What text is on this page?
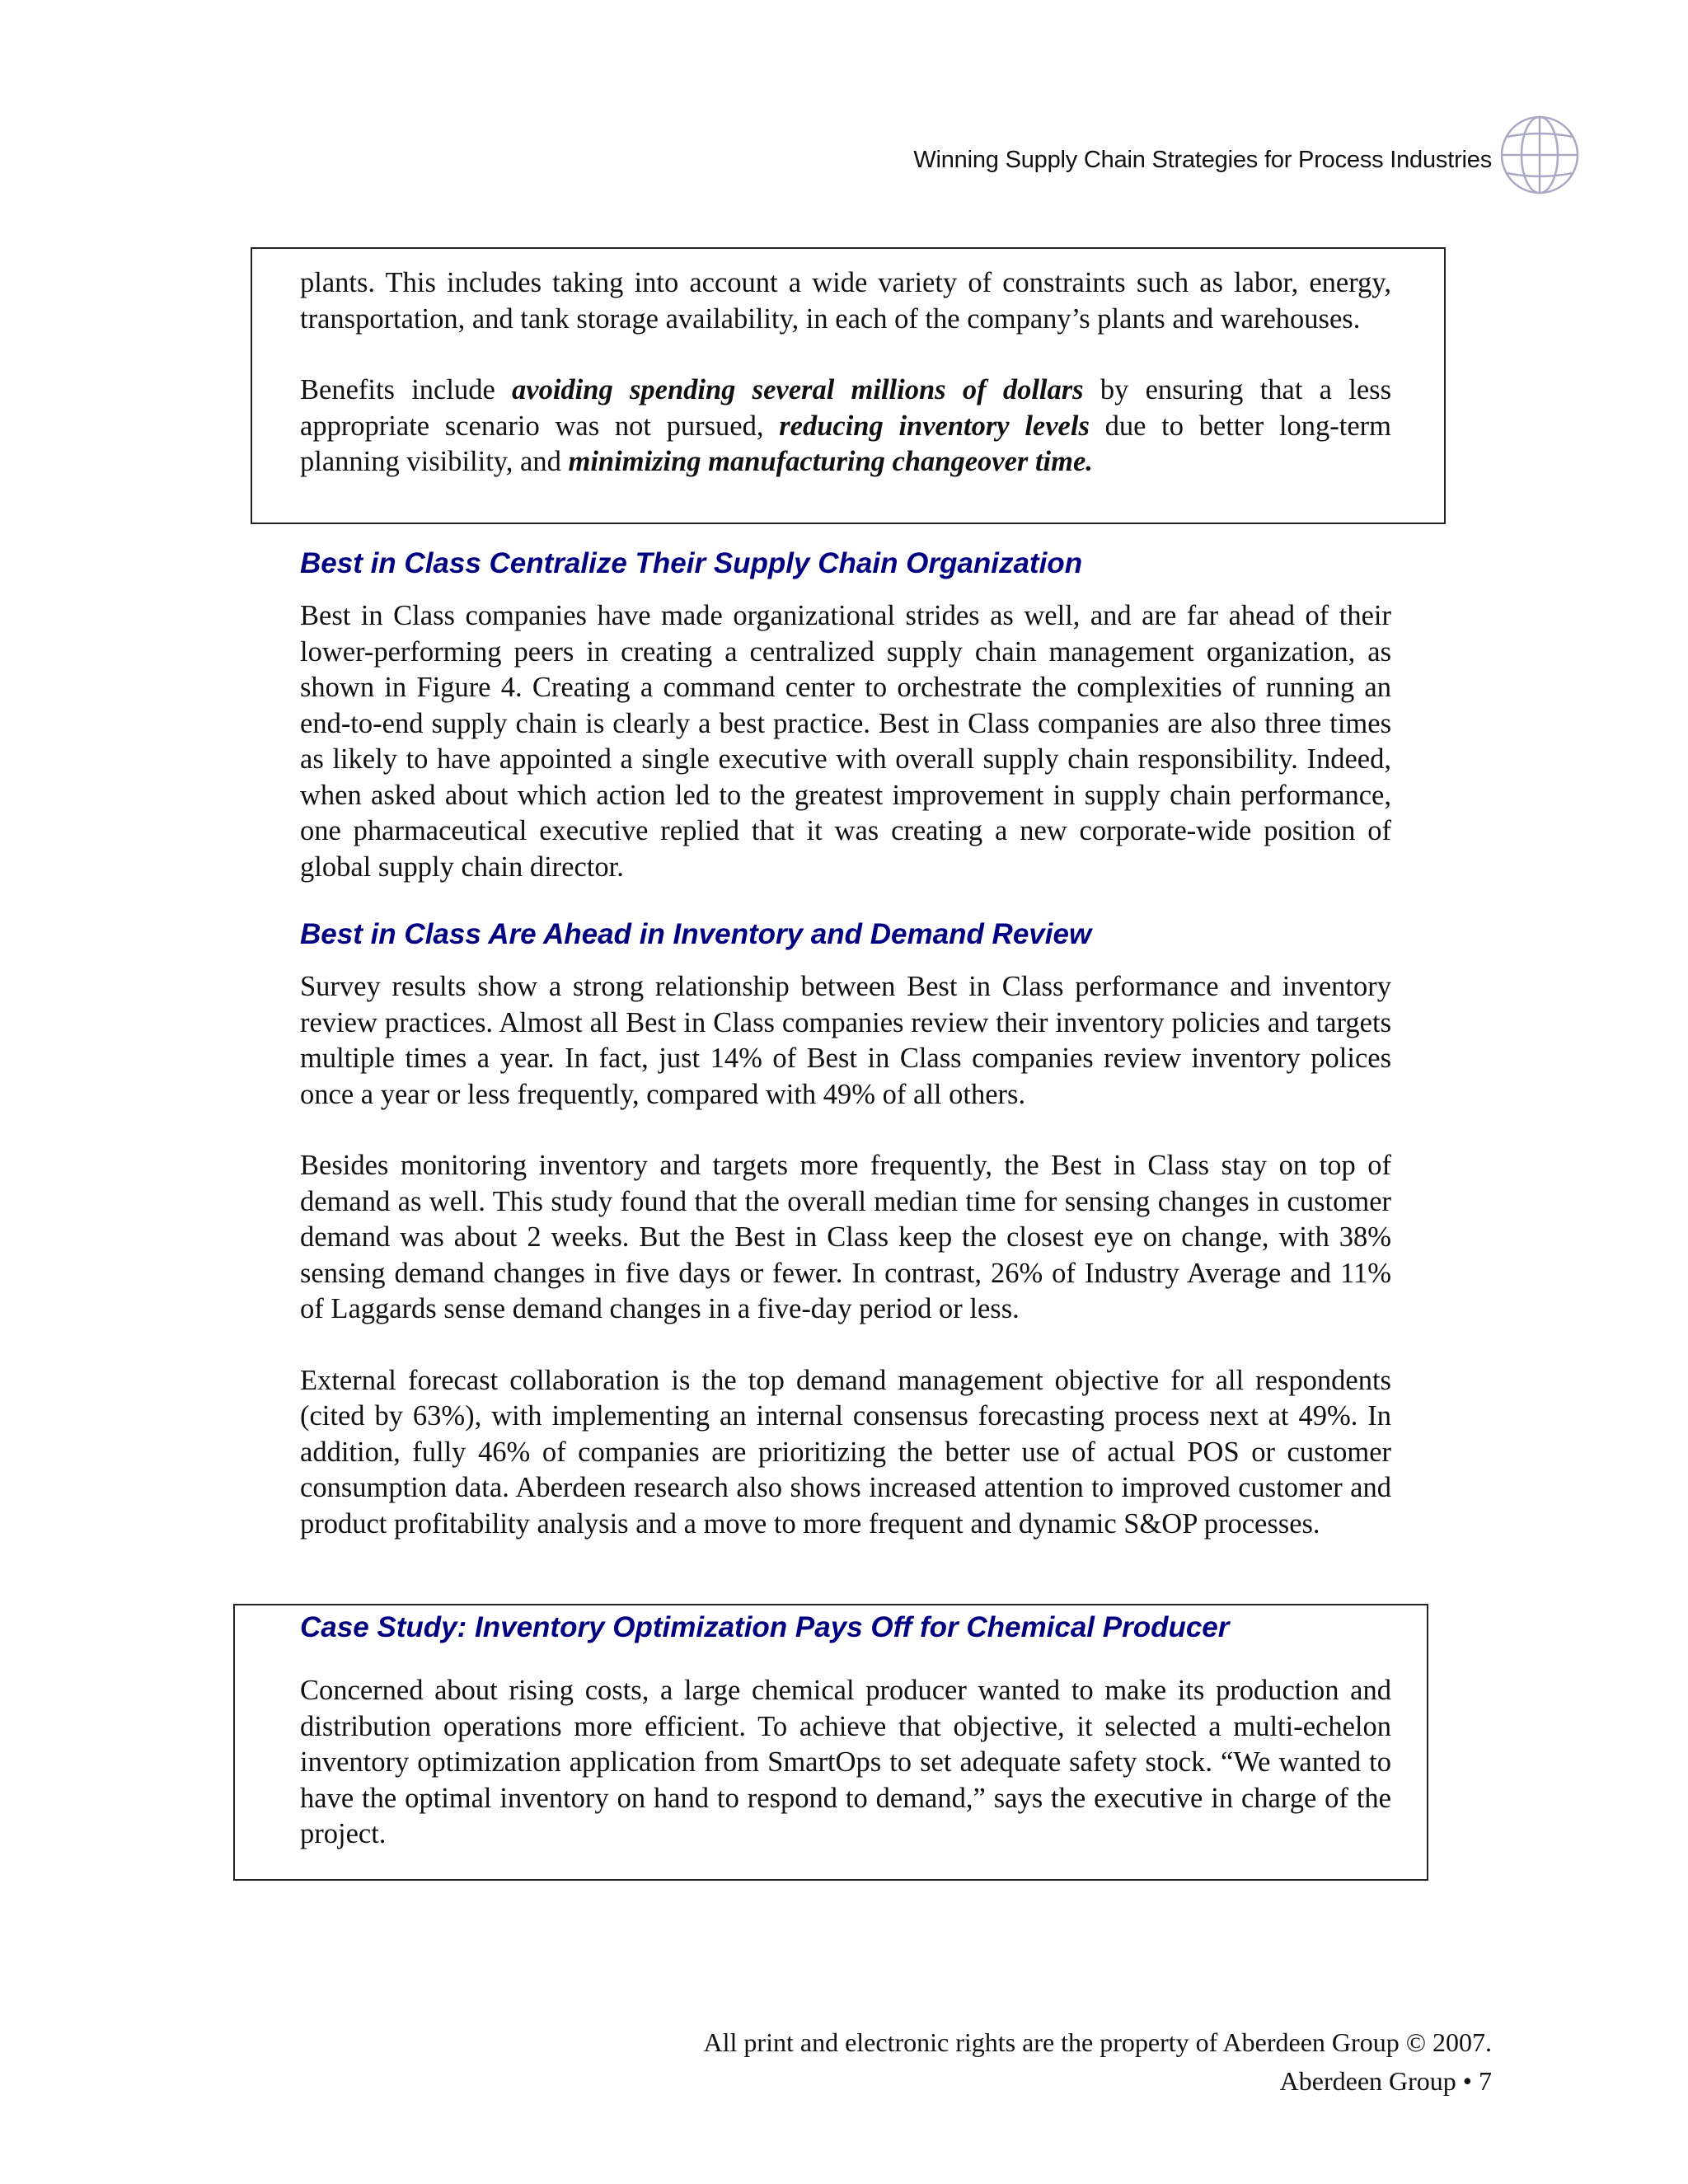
Winning Supply Chain Strategies for Process Industries

plants. This includes taking into account a wide variety of constraints such as labor, energy, transportation, and tank storage availability, in each of the company’s plants and warehouses.

Benefits include avoiding spending several millions of dollars by ensuring that a less appropriate scenario was not pursued, reducing inventory levels due to better long-term planning visibility, and minimizing manufacturing changeover time.

Best in Class Centralize Their Supply Chain Organization

Best in Class companies have made organizational strides as well, and are far ahead of their lower-performing peers in creating a centralized supply chain management organization, as shown in Figure 4. Creating a command center to orchestrate the complexities of running an end-to-end supply chain is clearly a best practice. Best in Class companies are also three times as likely to have appointed a single executive with overall supply chain responsibility. Indeed, when asked about which action led to the greatest improvement in supply chain performance, one pharmaceutical executive replied that it was creating a new corporate-wide position of global supply chain director.

Best in Class Are Ahead in Inventory and Demand Review

Survey results show a strong relationship between Best in Class performance and inventory review practices. Almost all Best in Class companies review their inventory policies and targets multiple times a year. In fact, just 14% of Best in Class companies review inventory polices once a year or less frequently, compared with 49% of all others.

Besides monitoring inventory and targets more frequently, the Best in Class stay on top of demand as well. This study found that the overall median time for sensing changes in customer demand was about 2 weeks. But the Best in Class keep the closest eye on change, with 38% sensing demand changes in five days or fewer. In contrast, 26% of Industry Average and 11% of Laggards sense demand changes in a five-day period or less.

External forecast collaboration is the top demand management objective for all respondents (cited by 63%), with implementing an internal consensus forecasting process next at 49%. In addition, fully 46% of companies are prioritizing the better use of actual POS or customer consumption data. Aberdeen research also shows increased attention to improved customer and product profitability analysis and a move to more frequent and dynamic S&OP processes.

Case Study: Inventory Optimization Pays Off for Chemical Producer

Concerned about rising costs, a large chemical producer wanted to make its production and distribution operations more efficient. To achieve that objective, it selected a multi-echelon inventory optimization application from SmartOps to set adequate safety stock. “We wanted to have the optimal inventory on hand to respond to demand,” says the executive in charge of the project.

All print and electronic rights are the property of Aberdeen Group © 2007.
Aberdeen Group • 7
